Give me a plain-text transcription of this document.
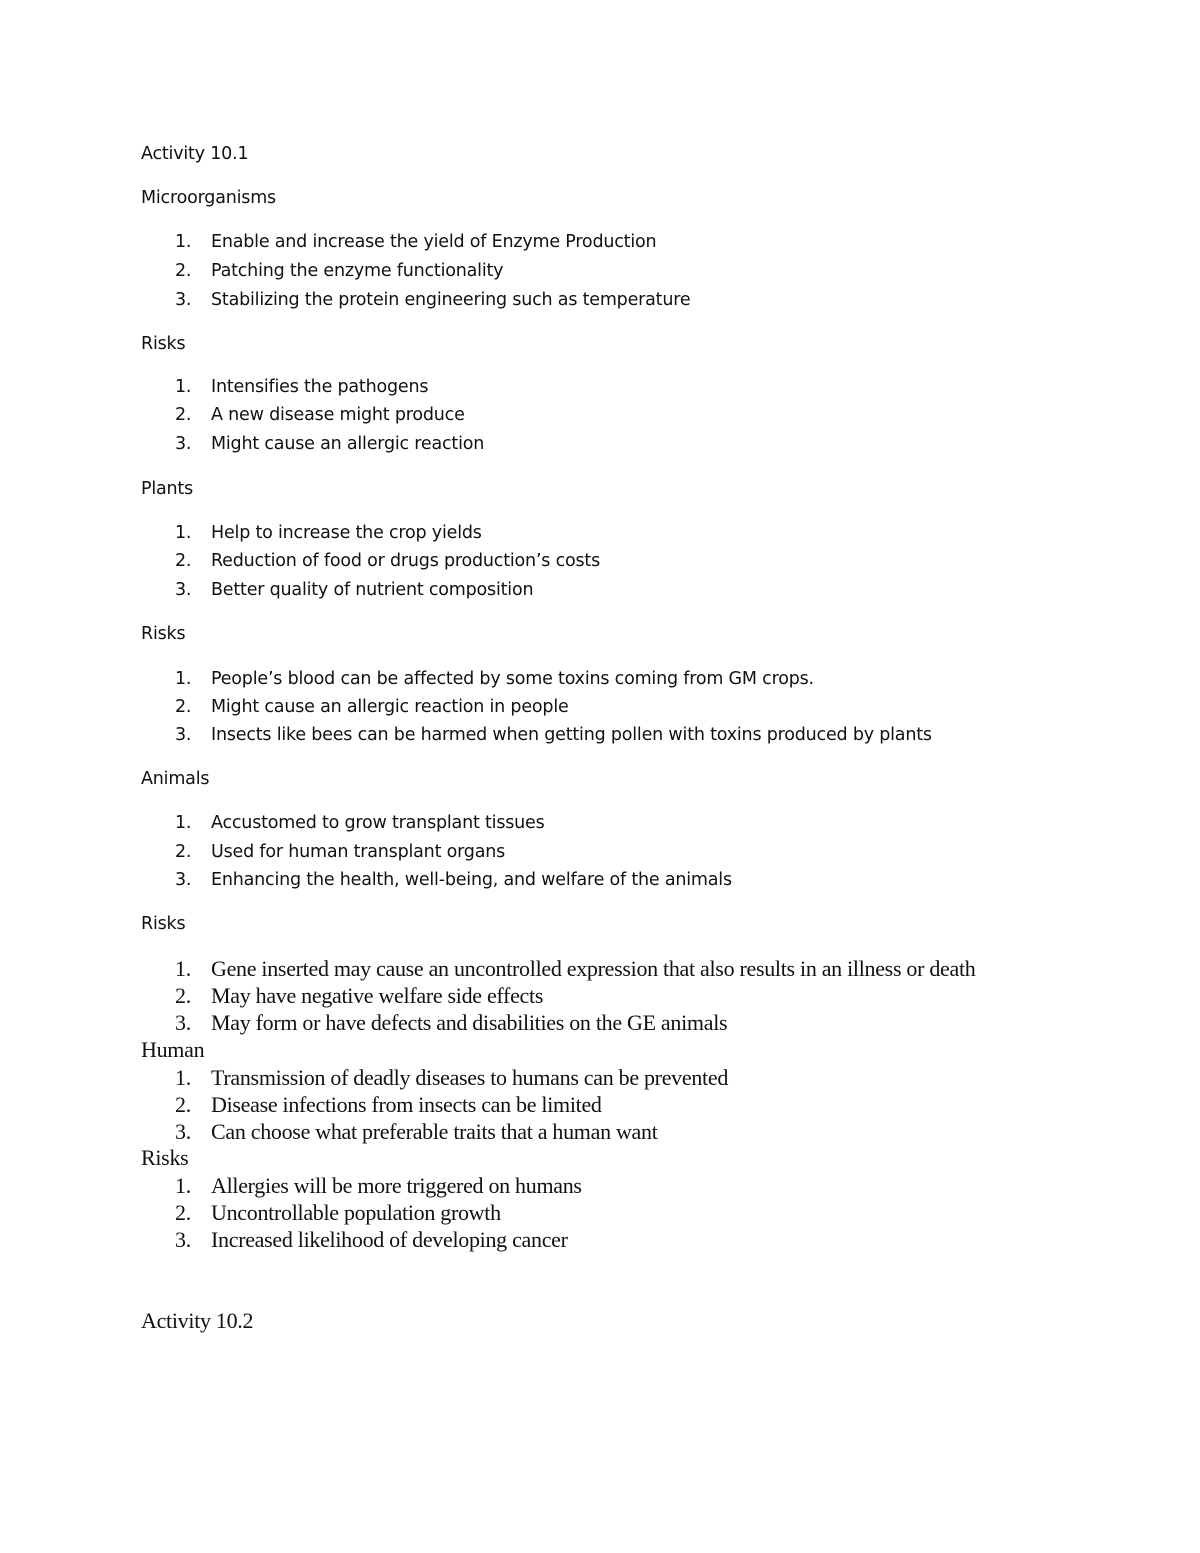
Activity 10.1
Microorganisms
1. Enable and increase the yield of Enzyme Production
2. Patching the enzyme functionality
3. Stabilizing the protein engineering such as temperature
Risks
1. Intensifies the pathogens
2. A new disease might produce
3. Might cause an allergic reaction
Plants
1. Help to increase the crop yields
2. Reduction of food or drugs production’s costs
3. Better quality of nutrient composition
Risks
1. People’s blood can be affected by some toxins coming from GM crops.
2. Might cause an allergic reaction in people
3. Insects like bees can be harmed when getting pollen with toxins produced by plants
Animals
1. Accustomed to grow transplant tissues
2. Used for human transplant organs
3. Enhancing the health, well-being, and welfare of the animals
Risks
1. Gene inserted may cause an uncontrolled expression that also results in an illness or death
2. May have negative welfare side effects
3. May form or have defects and disabilities on the GE animals
Human
1. Transmission of deadly diseases to humans can be prevented
2. Disease infections from insects can be limited
3. Can choose what preferable traits that a human want
Risks
1. Allergies will be more triggered on humans
2. Uncontrollable population growth
3. Increased likelihood of developing cancer
Activity 10.2
